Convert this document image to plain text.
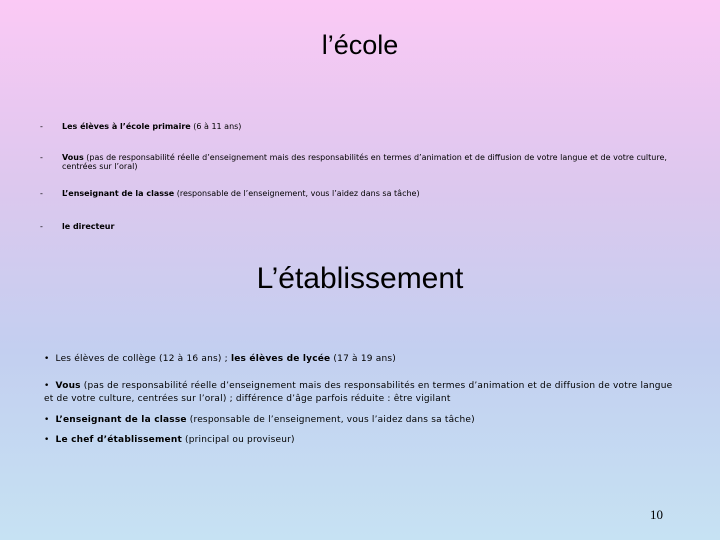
l’école
- Les élèves à l’école primaire (6 à 11 ans)
- Vous (pas de responsabilité réelle d’enseignement mais des responsabilités en termes d’animation et de diffusion de votre langue et de votre culture, centrées sur l’oral)
- L’enseignant de la classe (responsable de l’enseignement, vous l’aidez dans sa tâche)
- le directeur
L’établissement
• Les élèves de collège (12 à 16 ans) ; les élèves de lycée (17 à 19 ans)
• Vous (pas de responsabilité réelle d’enseignement mais des responsabilités en termes d’animation et de diffusion de votre langue et de votre culture, centrées sur l’oral) ; différence d’âge parfois réduite : être vigilant
• L’enseignant de la classe (responsable de l’enseignement, vous l’aidez dans sa tâche)
• Le chef d’établissement (principal ou proviseur)
10
